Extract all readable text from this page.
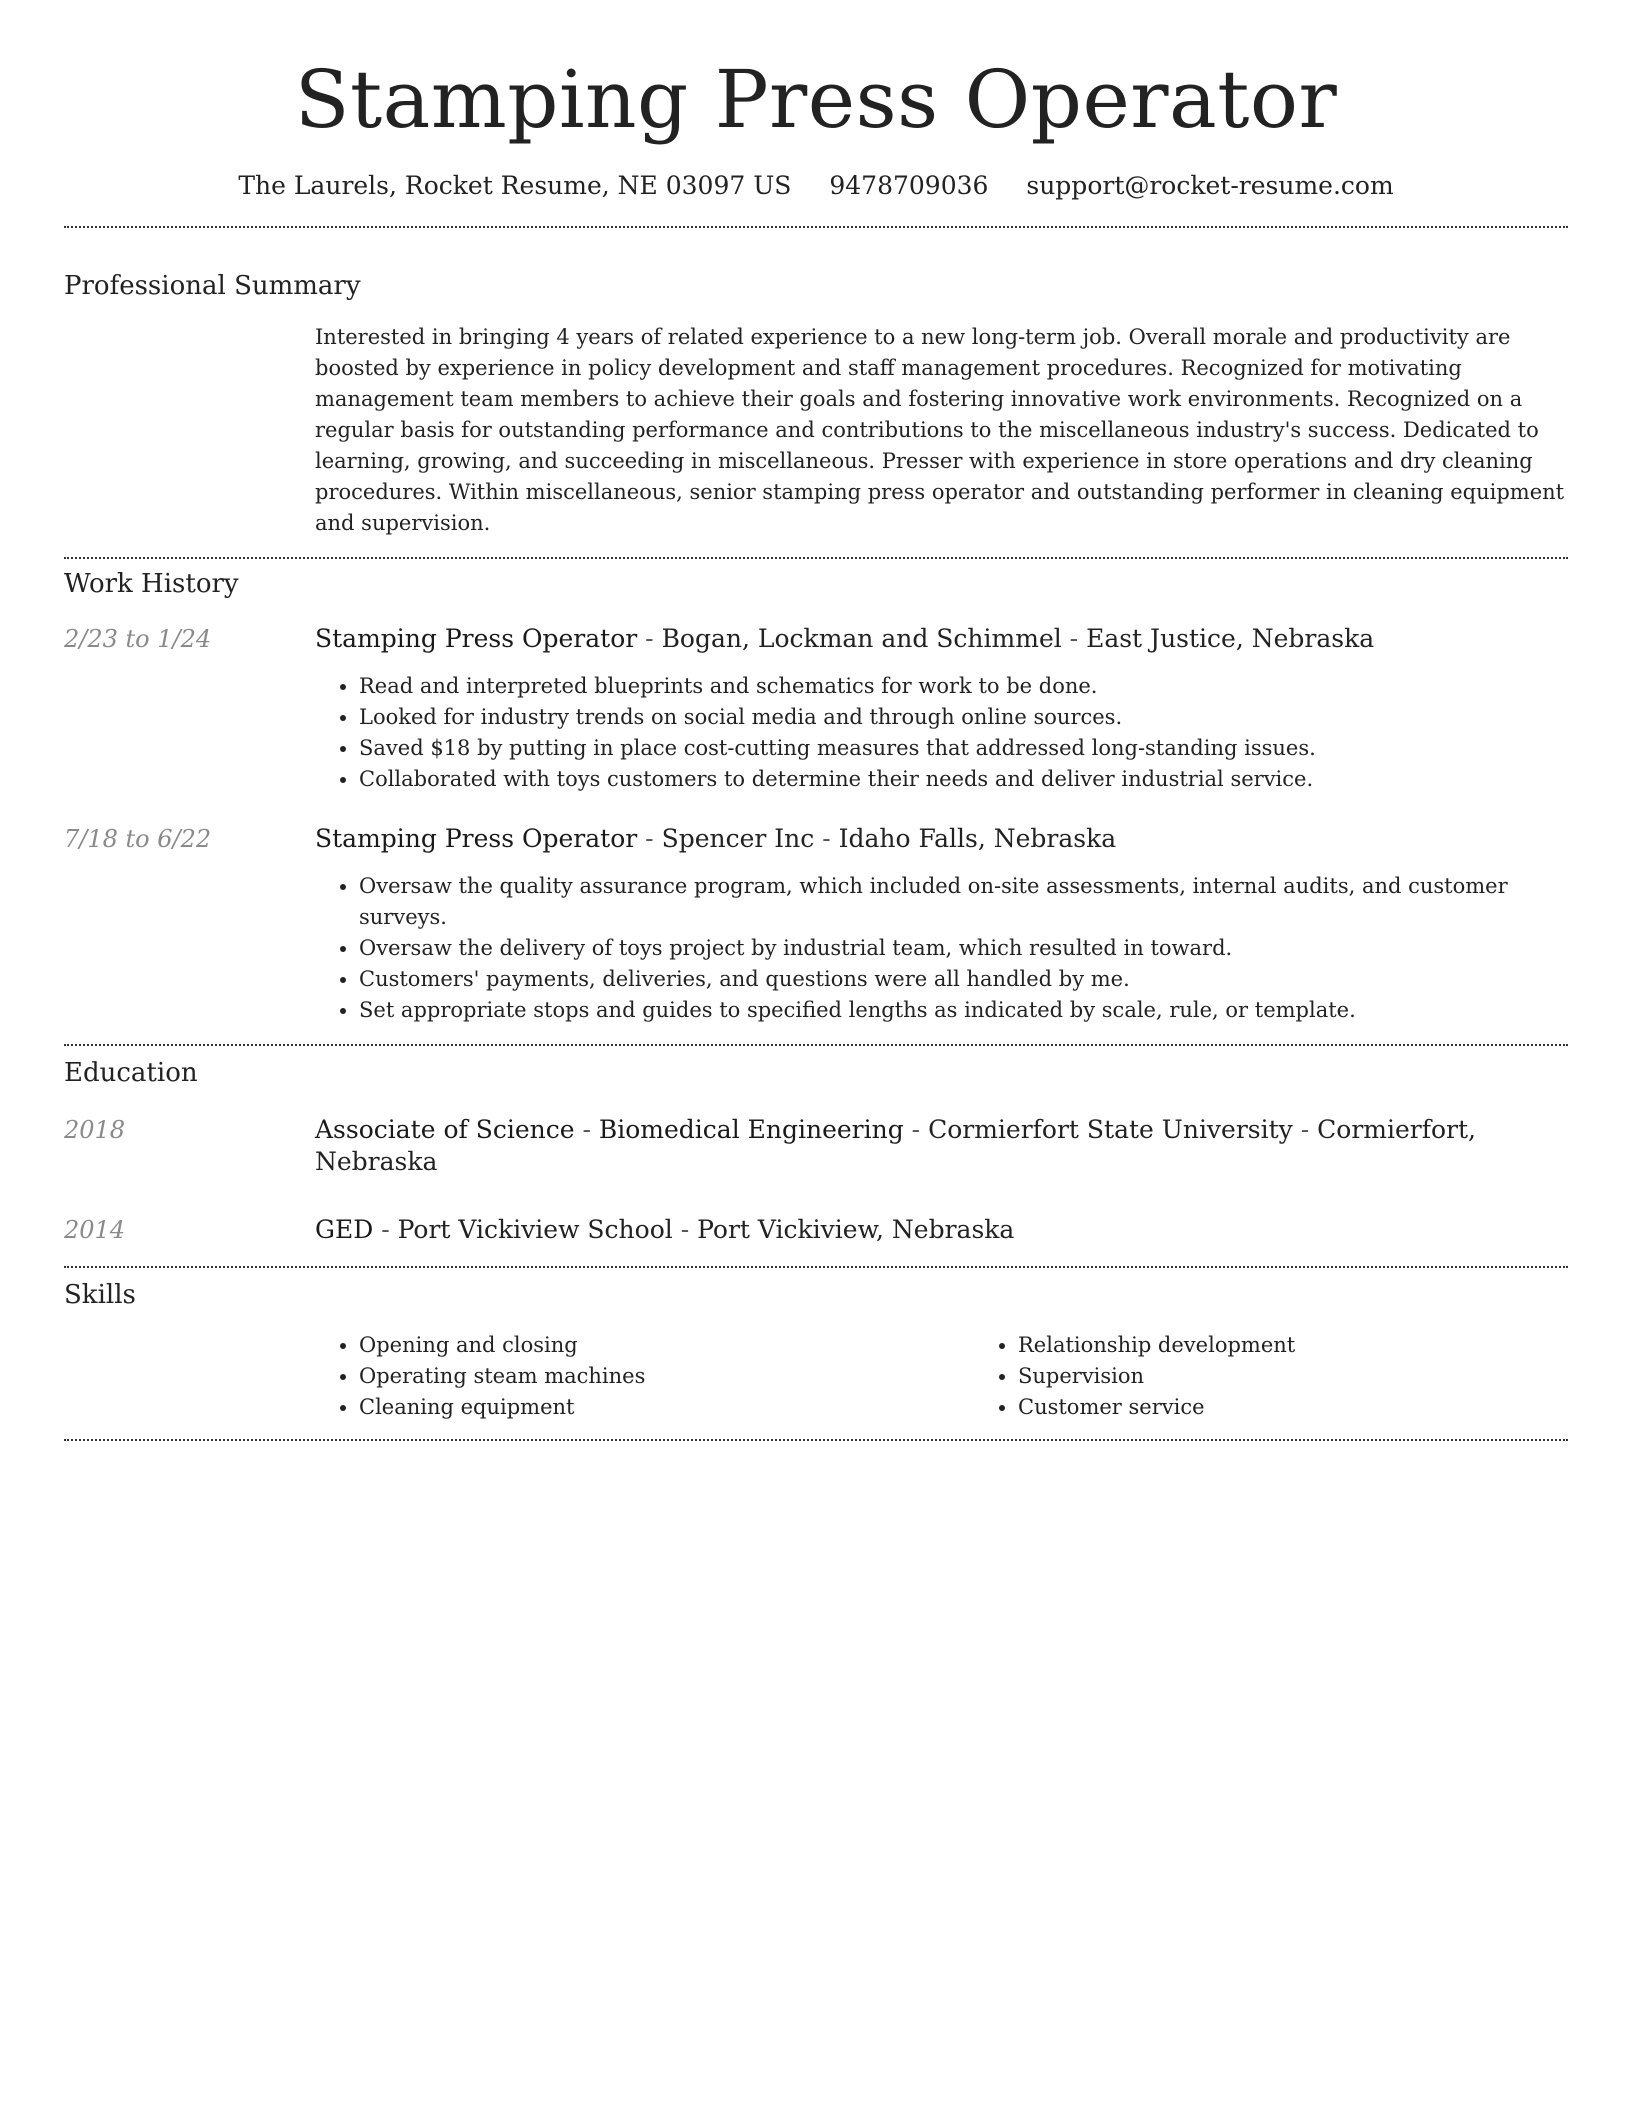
Stamping Press Operator
The Laurels, Rocket Resume, NE 03097 US 9478709036 support@rocket-resume.com
Professional Summary

Interested in bringing 4 years of related experience to a new long-term job. Overall morale and productivity are boosted by experience in policy development and staff management procedures. Recognized for motivating management team members to achieve their goals and fostering innovative work environments. Recognized on a regular basis for outstanding performance and contributions to the miscellaneous industry's success. Dedicated to learning, growing, and succeeding in miscellaneous. Presser with experience in store operations and dry cleaning procedures. Within miscellaneous, senior stamping press operator and outstanding performer in cleaning equipment and supervision.

Work History
2/23 to 1/24	Stamping Press Operator - Bogan, Lockman and Schimmel - East Justice, Nebraska

• Read and interpreted blueprints and schematics for work to be done.
• Looked for industry trends on social media and through online sources.
• Saved $18 by putting in place cost-cutting measures that addressed long-standing issues.
• Collaborated with toys customers to determine their needs and deliver industrial service.
7/18 to 6/22	Stamping Press Operator - Spencer Inc - Idaho Falls, Nebraska

• Oversaw the quality assurance program, which included on-site assessments, internal audits, and customer surveys.
• Oversaw the delivery of toys project by industrial team, which resulted in toward.
• Customers' payments, deliveries, and questions were all handled by me.
• Set appropriate stops and guides to specified lengths as indicated by scale, rule, or template.
Education
2018	Associate of Science - Biomedical Engineering - Cormierfort State University - Cormierfort, Nebraska

2014	GED - Port Vickiview School - Port Vickiview, Nebraska

Skills
• Opening and closing
• Operating steam machines
• Cleaning equipment
• Relationship development
• Supervision
• Customer service
